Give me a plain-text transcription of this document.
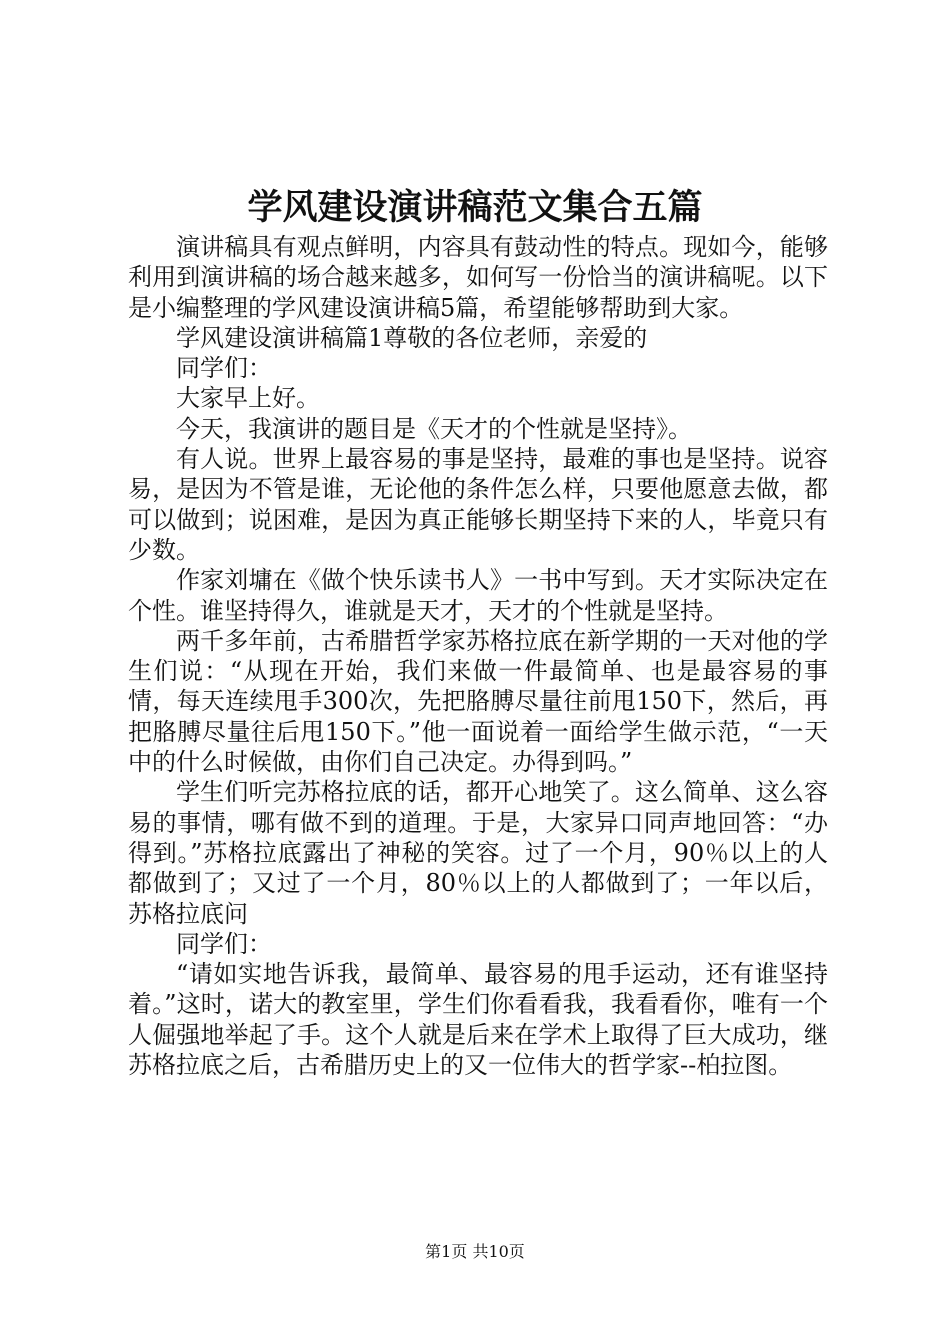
学风建设演讲稿范文集合五篇

演讲稿具有观点鲜明，内容具有鼓动性的特点。现如今，能够利用到演讲稿的场合越来越多，如何写一份恰当的演讲稿呢。以下是小编整理的学风建设演讲稿5篇，希望能够帮助到大家。

学风建设演讲稿篇1尊敬的各位老师，亲爱的

同学们：

大家早上好。

今天，我演讲的题目是《天才的个性就是坚持》。

有人说。世界上最容易的事是坚持，最难的事也是坚持。说容易，是因为不管是谁，无论他的条件怎么样，只要他愿意去做，都可以做到；说困难，是因为真正能够长期坚持下来的人，毕竟只有少数。

作家刘墉在《做个快乐读书人》一书中写到。天才实际决定在个性。谁坚持得久，谁就是天才，天才的个性就是坚持。

两千多年前，古希腊哲学家苏格拉底在新学期的一天对他的学生们说：“从现在开始，我们来做一件最简单、也是最容易的事情，每天连续甩手300次，先把胳膊尽量往前甩150下，然后，再把胳膊尽量往后甩150下。”他一面说着一面给学生做示范，“一天中的什么时候做，由你们自己决定。办得到吗。”

学生们听完苏格拉底的话，都开心地笑了。这么简单、这么容易的事情，哪有做不到的道理。于是，大家异口同声地回答：“办得到。”苏格拉底露出了神秘的笑容。过了一个月，90％以上的人都做到了；又过了一个月，80％以上的人都做到了；一年以后，苏格拉底问

同学们：

“请如实地告诉我，最简单、最容易的甩手运动，还有谁坚持着。”这时，诺大的教室里，学生们你看看我，我看看你，唯有一个人倔强地举起了手。这个人就是后来在学术上取得了巨大成功，继苏格拉底之后，古希腊历史上的又一位伟大的哲学家--柏拉图。

第1页 共10页
